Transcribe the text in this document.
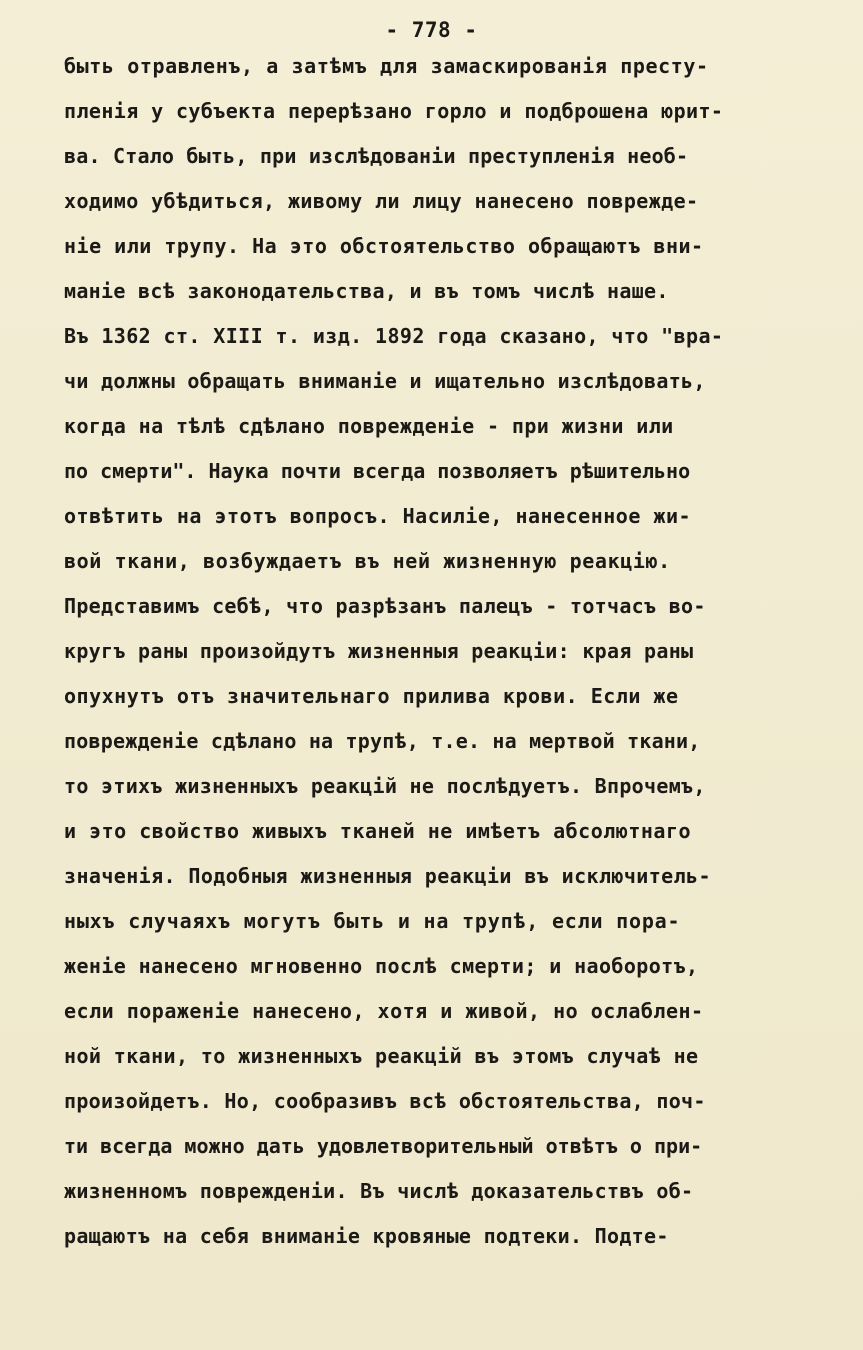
- 778 -
быть отравленъ, а затѣмъ для замаскированія престу-
пленія у субъекта перерѣзано горло и подброшена юрит-
ва. Стало быть, при изслѣдованіи преступленія необ-
ходимо убѣдиться, живому ли лицу нанесено поврежде-
ніе или трупу. На это обстоятельство обращаютъ вни-
маніе всѣ законодательства, и въ томъ числѣ наше.
Въ 1362 ст. XIII т. изд. 1892 года сказано, что "вра-
чи должны обращать вниманіе и ищательно изслѣдовать,
когда на тѣлѣ сдѣлано поврежденіе - при жизни или
по смерти". Наука почти всегда позволяетъ рѣшительно
отвѣтить на этотъ вопросъ. Насиліе, нанесенное жи-
вой ткани, возбуждаетъ въ ней жизненную реакцію.
Представимъ себѣ, что разрѣзанъ палецъ - тотчасъ во-
кругъ раны произойдутъ жизненныя реакціи: края раны
опухнутъ отъ значительнаго прилива крови. Если же
поврежденіе сдѣлано на трупѣ, т.е. на мертвой ткани,
то этихъ жизненныхъ реакцій не послѣдуетъ. Впрочемъ,
и это свойство живыхъ тканей не имѣетъ абсолютнаго
значенія. Подобныя жизненныя реакціи въ исключитель-
ныхъ случаяхъ могутъ быть и на трупѣ, если пора-
женіе нанесено мгновенно послѣ смерти; и наоборотъ,
если пораженіе нанесено, хотя и живой, но ослаблен-
ной ткани, то жизненныхъ реакцій въ этомъ случаѣ не
произойдетъ. Но, сообразивъ всѣ обстоятельства, поч-
ти всегда можно дать удовлетворительный отвѣтъ о при-
жизненномъ поврежденіи. Въ числѣ доказательствъ об-
ращаютъ на себя вниманіе кровяные подтеки. Подте-
